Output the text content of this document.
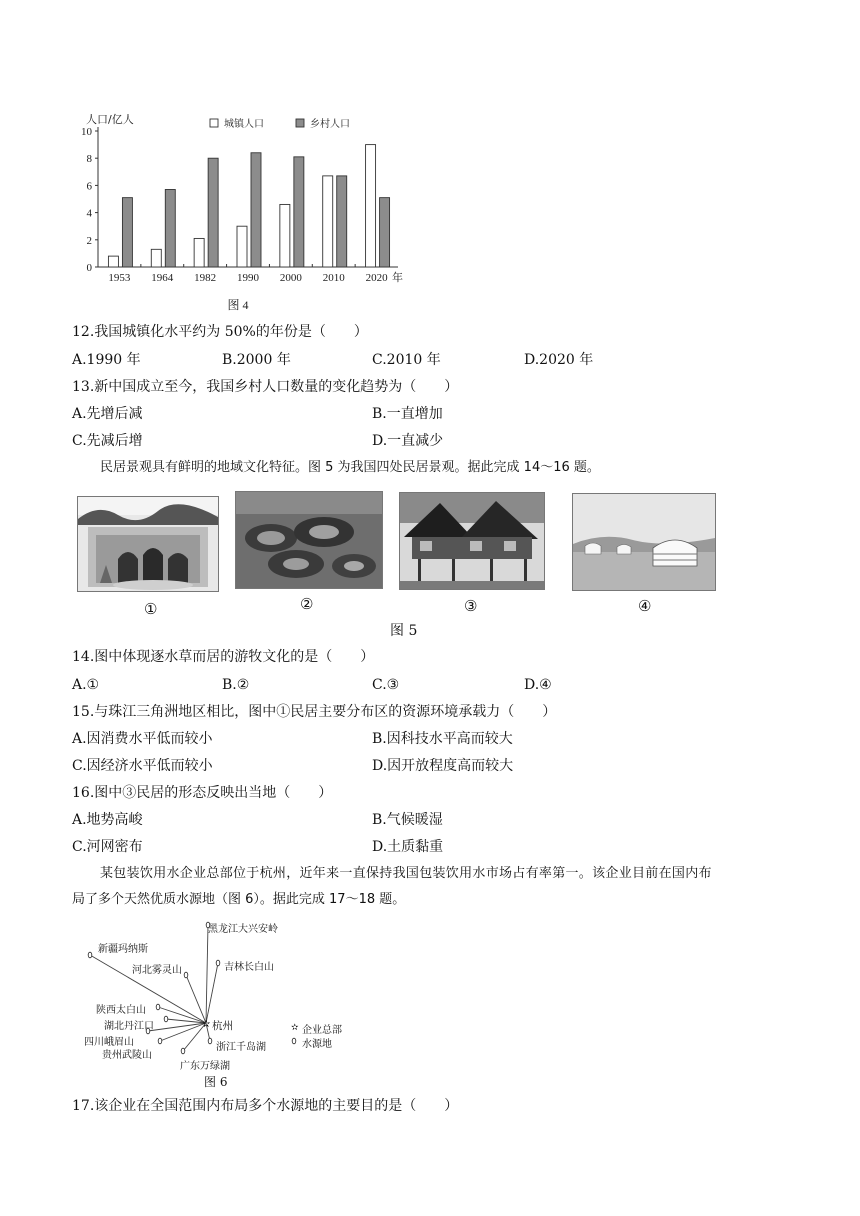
0
2
4
6
8
10
人口/亿人
1953 1964 1982 1990 2000 2010 2020 年
城镇人口	乡村人口
图 4
12.我国城镇化水平约为 50%的年份是（　　）
A.1990 年	B.2000 年	C.2010 年	D.2020 年
13.新中国成立至今，我国乡村人口数量的变化趋势为（　　）
A.先增后减	B.一直增加
C.先减后增	D.一直减少
民居景观具有鲜明的地域文化特征。图 5 为我国四处民居景观。据此完成 14～16 题。
①	②	③	④
图 5
14.图中体现逐水草而居的游牧文化的是（　　）
A.①	B.②	C.③	D.④
15.与珠江三角洲地区相比，图中①民居主要分布区的资源环境承载力（　　）
A.因消费水平低而较小	B.因科技水平高而较大
C.因经济水平低而较小	D.因开放程度高而较大
16.图中③民居的形态反映出当地（　　）
A.地势高峻	B.气候暖湿
C.河网密布	D.土质黏重
某包装饮用水企业总部位于杭州，近年来一直保持我国包装饮用水市场占有率第一。该企业目前在国内布
局了多个天然优质水源地（图 6）。据此完成 17～18 题。
✫	✫
黑龙江大兴安岭
新疆玛纳斯
吉林长白山
河北雾灵山
陕西太白山
湖北丹江口
四川峨眉山
贵州武陵山
广东万绿湖
浙江千岛湖
杭州	企业总部
水源地
图 6
17.该企业在全国范围内布局多个水源地的主要目的是（　　）
